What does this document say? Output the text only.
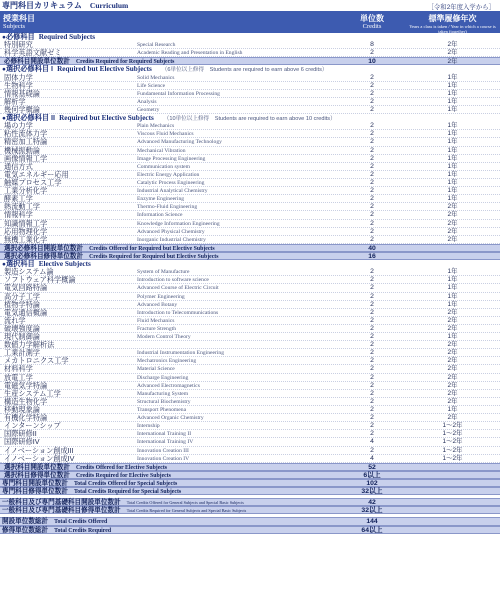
専門科目カリキュラム	Curriculum	［令和2年度入学から］
授業科目
Subjects
単位数
Credits
標準履修年次
Years a class is taken / Year in which a course is taken (together)
● 必修科目 Required Subjects
特別研究	Special Research	8	2年
科学英語文献ゼミ	Academic Reading and Presentation in English	2	2年
必修科目開設単位数計 Credits Required for Required Subjects	10	2年
● 選択必修科目 I Required but Elective Subjects （6単位以上修得　Students are required to earn above 6 credits）
固体力学	Solid Mechanics	2	1年
生物科学	Life Science	2	1年
情報基礎論	Fundamental Information Processing	2	1年
解析学	Analysis	2	1年
幾何学概論	Geometry	2	1年
● 選択必修科目 II Required but Elective Subjects （10単位以上修得　Students are required to earn above 10 credits）
場の力学	Plain Mechanics	2	1年
粘性流体力学	Viscous Fluid Mechanics	2	1年
精密加工特論	Advanced Manufacturing Technology	2	1年
機械振動論	Mechanical Vibration	2	1年
画像情報工学	Image Processing Engineering	2	1年
通信方式	Communication system	2	1年
電気エネルギー応用	Electric Energy Application	2	1年
触媒プロセス工学	Catalytic Process Engineering	2	1年
工業分析化学	Industrial Analytical Chemistry	2	1年
酵素工学	Enzyme Engineering	2	1年
熱流動工学	Thermo-Fluid Engineering	2	2年
情報科学	Information Science	2	2年
知識情報工学	Knowledge Information Engineering	2	2年
応用物理化学	Advanced Physical Chemistry	2	2年
無機工業化学	Inorganic Industrial Chemistry	2	2年
選択必修科目開設単位数計 Credits Offered for Required but Elective Subjects	40
選択必修科目修得単位数計 Credits Required for Required but Elective Subjects	16
● 選択科目 Elective Subjects
製造システム論	System of Manufacture	2	1年
ソフトウェア科学概論	Introduction to software science	2	1年
電気回路特論	Advanced Course of Electric Circuit	2	1年
高分子工学	Polymer Engineering	2	1年
植物学特論	Advanced Botany	2	1年
電気通信概論	Introduction to Telecommunications	2	2年
流れ学	Fluid Mechanics	2	2年
破壊強度論	Fracture Strength	2	2年
現代制御論	Modern Control Theory	2	1年
数値力学解析法	2	2年
工業計測学	Industrial Instrumentation Engineering	2	2年
メカトロニクス工学	Mechatronics Engineering	2	2年
材料科学	Material Science	2	2年
放電工学	Discharge Engineering	2	2年
電磁気学特論	Advanced Electromagnetics	2	2年
生産システム工学	Manufacturing System	2	2年
構造生物化学	Structural Biochemistry	2	2年
移動現象論	Transport Phenomena	2	1年
有機化学特論	Advanced Organic Chemistry	2	2年
インターンシップ	Internship	2	1〜2年
国際研修II	International Training II	2	1〜2年
国際研修IV	International Training IV	4	1〜2年
イノベーション創成III	Innovation Creation III	2	1〜2年
イノベーション創成IV	Innovation Creation IV	4	1〜2年
選択科目開設単位数計 Credits Offered for Elective Subjects	52
選択科目修得単位数計 Credits Required for Elective Subjects	6以上
専門科目開設単位数計 Total Credits Offered for Special Subjects	102
専門科目修得単位数計 Total Credits Required for Special Subjects	32以上
一般科目及び専門基礎科目開設単位数計 Total Credits Offered for General Subjects and Special Basic Subjects	42
一般科目及び専門基礎科目修得単位数計 Total Credits Required for General Subjects and Special Basic Subjects	32以上
開設単位数総計 Total Credits Offered	144
修得単位数総計 Total Credits Required	64以上
